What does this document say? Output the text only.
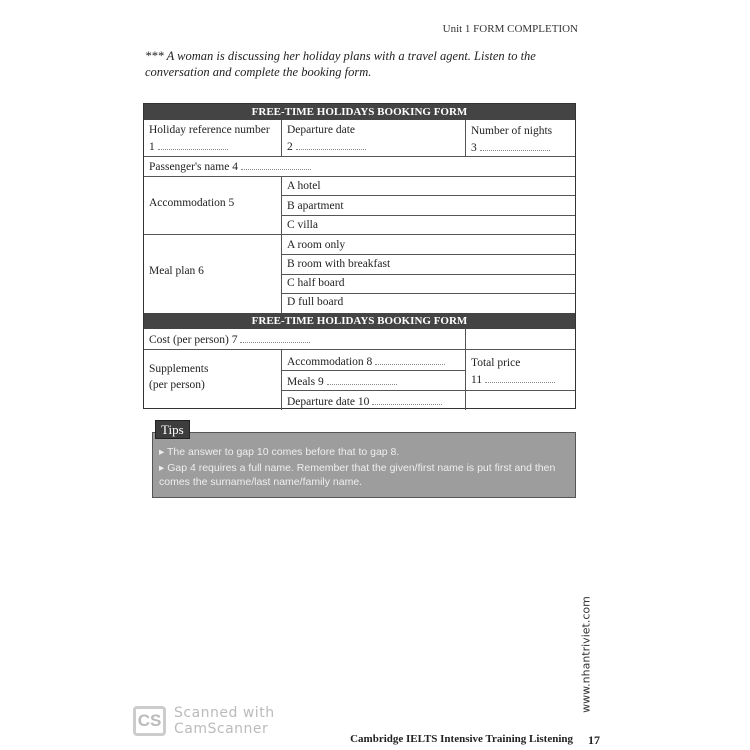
Unit 1 FORM COMPLETION
*** A woman is discussing her holiday plans with a travel agent. Listen to the conversation and complete the booking form.
FREE-TIME HOLIDAYS BOOKING FORM
Holiday reference number
1
Departure date
2
Number of nights
3
Passenger's name 4
Accommodation 5
A hotel
B apartment
C villa
Meal plan 6
A room only
B room with breakfast
C half board
D full board
FREE-TIME HOLIDAYS BOOKING FORM
Cost (per person) 7
Supplements
(per person)
Accommodation 8
Meals 9
Departure date 10
Total price
11
▸ The answer to gap 10 comes before that to gap 8.
▸ Gap 4 requires a full name. Remember that the given/first name is put first and then comes the surname/last name/family name.
Tips
CS Scanned with
CamScanner
www.nhantriviet.com
Cambridge IELTS Intensive Training Listening 17
